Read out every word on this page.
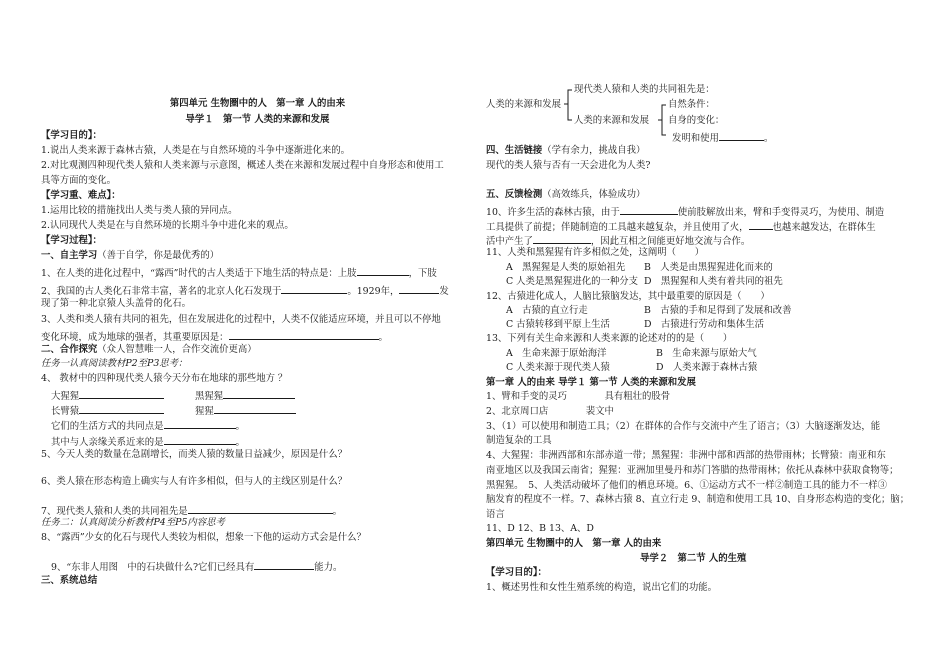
第四单元 生物圈中的人　第一章 人的由来
导学１　第一节 人类的来源和发展
【学习目的】：
1.说出人类来源于森林古猿，人类是在与自然环境的斗争中逐渐进化来的。
2.对比观测四种现代类人猿和人类来源与示意图，概述人类在来源和发展过程中自身形态和使用工
具等方面的变化。
【学习重、难点】：
1.运用比较的措施找出人类与类人猿的异同点。
2.认同现代人类是在与自然环境的长期斗争中进化来的观点。
【学习过程】：
一、自主学习（善于自学，你是最优秀的）
1、在人类的进化过程中，“露西”时代的古人类适于下地生活的特点是：上肢	，下肢
2、我国的古人类化石非常丰富，著名的北京人化石发现于	。1929年，	发
现了第一种北京猿人头盖骨的化石。
3、人类和类人猿有共同的祖先，但在发展进化的过程中，人类不仅能适应环境，并且可以不停地
变化环境，成为地球的强者，其重要原因是：	。
二、合作探究（众人智慧唯一人，合作交流价更高）
任务一认真阅读教材P2至P3思考：
4、 教材中的四种现代类人猿今天分布在地球的那些地方 ？
大猩猩	黑猩猩
长臂猿	猩猩
它们的生活方式的共同点是	。
其中与人亲缘关系近来的是	。
5、今天人类的数量在急剧增长，而类人猿的数量日益减少，原因是什么？
6、类人猿在形态构造上确实与人有许多相似，但与人的主线区别是什么？
7、现代类人猿和人类的共同祖先是	。
任务二：认真阅读分析教材P4至P5内容思考
8、“露西”少女的化石与现代人类较为相似，想象一下他的运动方式会是什么？
9、“东非人用图　中的石块做什么?它们已经具有	能力。
三、系统总结
人类的来源和发展
现代类人猿和人类的共同祖先是：
人类的来源和发展
自然条件：
自身的变化：
发明和使用	。
四、生活链接（学有余力，挑战自我）
现代的类人猿与否有一天会进化为人类?
五、反馈检测（高效练兵，体验成功）
10、许多生活的森林古猿，由于	使前肢解放出来，臂和手变得灵巧，为使用、制造
工具提供了前提；伴随制造的工具越来越复杂，并且使用了火，	也越来越发达，在群体生
活中产生了	，因此互相之间能更好地交流与合作。
11、人类和黑猩猩有许多相似之处，这阐明（　　）
A　黑猩猩是人类的原始祖先 B　人类是由黑猩猩进化而来的
C 人类是黑猩猩进化的一种分支 D　黑猩猩和人类有着共同的祖先
12、古猿进化成人，人脑比猿脑发达，其中最重要的原因是（　　）
A　古猿的直立行走	B　古猿的手和足得到了发展和改善
C 古猿转移到平原上生活	D　古猿进行劳动和集体生活
13、下列有关生命来源和人类来源的论述对的的是（　　）
A　生命来源于原始海洋	B　生命来源与原始大气
C 人类来源于现代类人猿	D　人类来源于森林古猿
第一章 人的由来 导学１ 第一节 人类的来源和发展
1、臂和手变的灵巧　　　　具有粗壮的股骨
2、北京周口店　　　　裴文中
3、（1）可以使用和制造工具；（2）在群体的合作与交流中产生了语言；（3）大脑逐渐发达，能
制造复杂的工具
4、大猩猩：非洲西部和东部赤道一带；黑猩猩：非洲中部和西部的热带雨林；长臂猿：南亚和东
南亚地区以及我国云南省；猩猩：亚洲加里曼丹和苏门答腊的热带雨林；依托从森林中获取食物等；
黑猩猩。　5、人类活动破坏了他们的栖息环境。6、①运动方式不一样②制造工具的能力不一样③
脑发育的程度不一样。7、森林古猿 8、直立行走 9、制造和使用工具 10、自身形态构造的变化；脑；
语言
11、D 12、B 13、A、D
第四单元 生物圈中的人　第一章 人的由来
导学２　第二节 人的生殖
【学习目的】：
1、概述男性和女性生殖系统的构造，说出它们的功能。
